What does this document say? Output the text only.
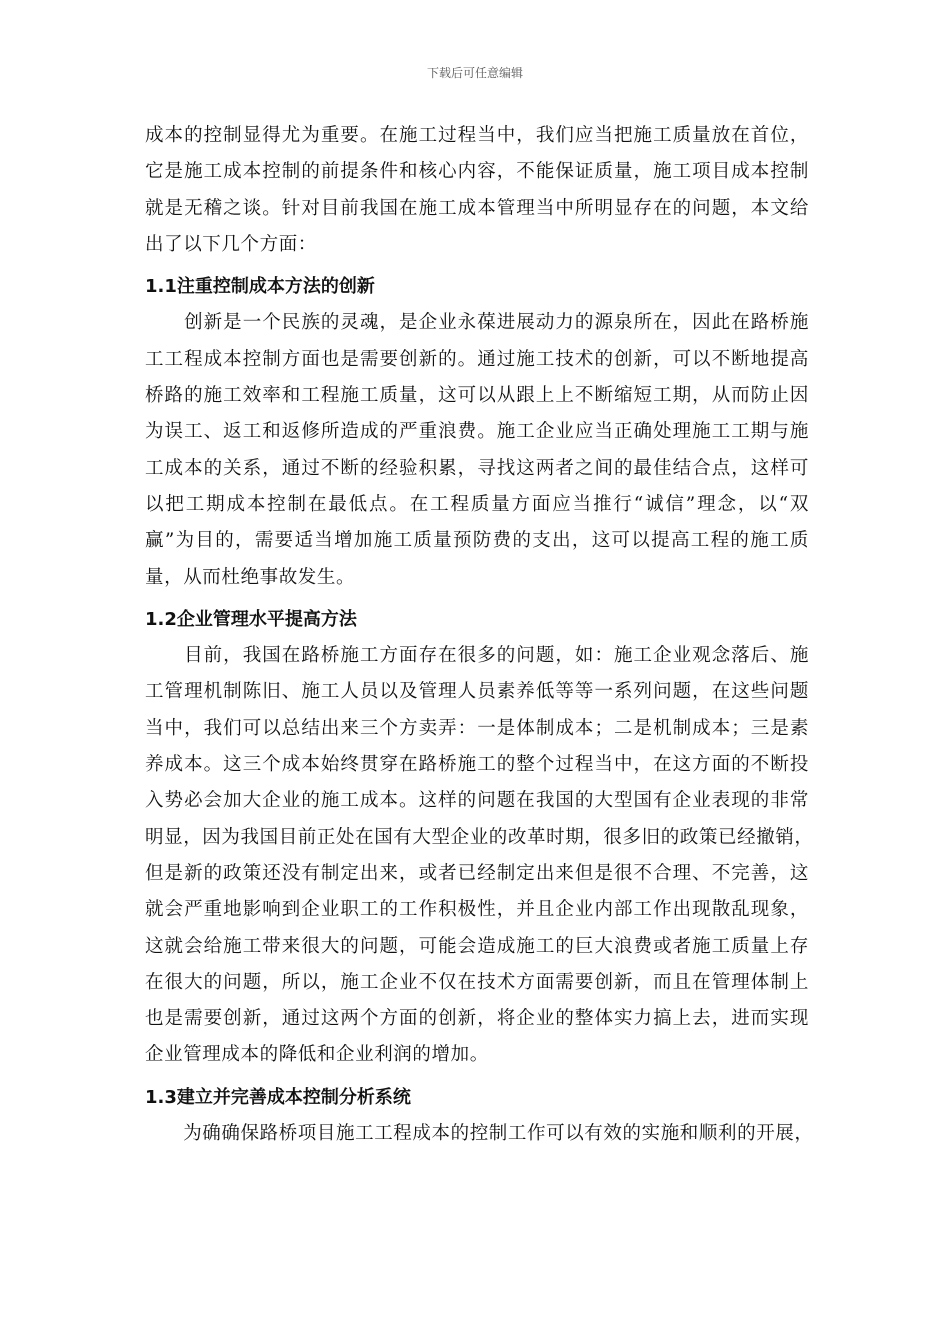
下载后可任意编辑
成本的控制显得尤为重要。在施工过程当中，我们应当把施工质量放在首位，
它是施工成本控制的前提条件和核心内容，不能保证质量，施工项目成本控制
就是无稽之谈。针对目前我国在施工成本管理当中所明显存在的问题，本文给
出了以下几个方面：
1.1注重控制成本方法的创新
　　创新是一个民族的灵魂，是企业永葆进展动力的源泉所在，因此在路桥施
工工程成本控制方面也是需要创新的。通过施工技术的创新，可以不断地提高
桥路的施工效率和工程施工质量，这可以从跟上上不断缩短工期，从而防止因
为误工、返工和返修所造成的严重浪费。施工企业应当正确处理施工工期与施
工成本的关系，通过不断的经验积累，寻找这两者之间的最佳结合点，这样可
以把工期成本控制在最低点。在工程质量方面应当推行“诚信”理念，以“双
赢”为目的，需要适当增加施工质量预防费的支出，这可以提高工程的施工质
量，从而杜绝事故发生。
1.2企业管理水平提高方法
　　目前，我国在路桥施工方面存在很多的问题，如：施工企业观念落后、施
工管理机制陈旧、施工人员以及管理人员素养低等等一系列问题，在这些问题
当中，我们可以总结出来三个方卖弄：一是体制成本；二是机制成本；三是素
养成本。这三个成本始终贯穿在路桥施工的整个过程当中，在这方面的不断投
入势必会加大企业的施工成本。这样的问题在我国的大型国有企业表现的非常
明显，因为我国目前正处在国有大型企业的改革时期，很多旧的政策已经撤销，
但是新的政策还没有制定出来，或者已经制定出来但是很不合理、不完善，这
就会严重地影响到企业职工的工作积极性，并且企业内部工作出现散乱现象，
这就会给施工带来很大的问题，可能会造成施工的巨大浪费或者施工质量上存
在很大的问题，所以，施工企业不仅在技术方面需要创新，而且在管理体制上
也是需要创新，通过这两个方面的创新，将企业的整体实力搞上去，进而实现
企业管理成本的降低和企业利润的增加。
1.3建立并完善成本控制分析系统
　　为确确保路桥项目施工工程成本的控制工作可以有效的实施和顺利的开展，
